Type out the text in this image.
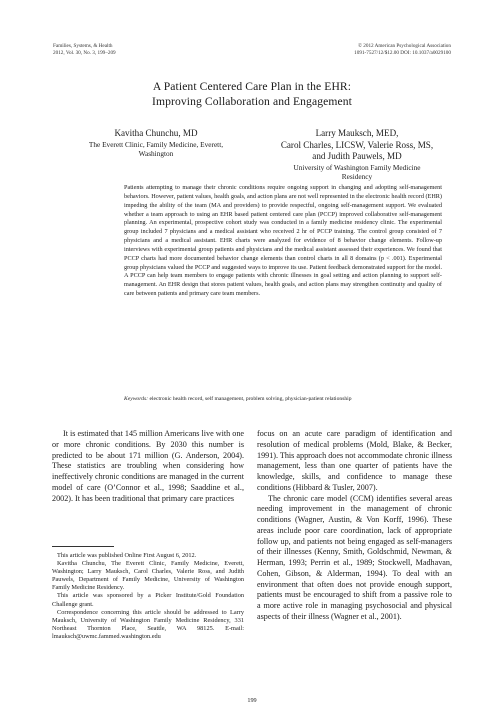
Families, Systems, & Health
2012, Vol. 30, No. 3, 199–209
© 2012 American Psychological Association
1091-7527/12/$12.00 DOI: 10.1037/a0029100
A Patient Centered Care Plan in the EHR:
Improving Collaboration and Engagement
Kavitha Chunchu, MD
The Everett Clinic, Family Medicine, Everett,
Washington
Larry Mauksch, MED,
Carol Charles, LICSW, Valerie Ross, MS,
and Judith Pauwels, MD
University of Washington Family Medicine
Residency

Patients attempting to manage their chronic conditions require ongoing support in changing and adopting self-management behaviors. However, patient values, health goals, and action plans are not well represented in the electronic health record (EHR) impeding the ability of the team (MA and providers) to provide respectful, ongoing self-management support. We evaluated whether a team approach to using an EHR based patient centered care plan (PCCP) improved collaborative self-management planning. An experimental, prospective cohort study was conducted in a family medicine residency clinic. The experimental group included 7 physicians and a medical assistant who received 2 hr of PCCP training. The control group consisted of 7 physicians and a medical assistant. EHR charts were analyzed for evidence of 8 behavior change elements. Follow-up interviews with experimental group patients and physicians and the medical assistant assessed their experiences. We found that PCCP charts had more documented behavior change elements than control charts in all 8 domains (p < .001). Experimental group physicians valued the PCCP and suggested ways to improve its use. Patient feedback demonstrated support for the model. A PCCP can help team members to engage patients with chronic illnesses in goal setting and action planning to support self-management. An EHR design that stores patient values, health goals, and action plans may strengthen continuity and quality of care between patients and primary care team members.

Keywords: electronic health record, self management, problem solving, physician-patient relationship

It is estimated that 145 million Americans live with one or more chronic conditions. By 2030 this number is predicted to be about 171 million (G. Anderson, 2004). These statistics are troubling when considering how ineffectively chronic conditions are managed in the current model of care (O’Connor et al., 1998; Saaddine et al., 2002). It has been traditional that primary care practices

This article was published Online First August 6, 2012.

Kavitha Chunchu, The Everett Clinic, Family Medicine, Everett, Washington; Larry Mauksch, Carol Charles, Valerie Ross, and Judith Pauwels, Department of Family Medicine, University of Washington Family Medicine Residency.

This article was sponsored by a Picker Institute/Gold Foundation Challenge grant.

Correspondence concerning this article should be addressed to Larry Mauksch, University of Washington Family Medicine Residency, 331 Northeast Thornton Place, Seattle, WA 98125. E-mail: lmauksch@uwmc.fammed.washington.edu

focus on an acute care paradigm of identification and resolution of medical problems (Mold, Blake, & Becker, 1991). This approach does not accommodate chronic illness management, less than one quarter of patients have the knowledge, skills, and confidence to manage these conditions (Hibbard & Tusler, 2007).

The chronic care model (CCM) identifies several areas needing improvement in the management of chronic conditions (Wagner, Austin, & Von Korff, 1996). These areas include poor care coordination, lack of appropriate follow up, and patients not being engaged as self-managers of their illnesses (Kenny, Smith, Goldschmid, Newman, & Herman, 1993; Perrin et al., 1989; Stockwell, Madhavan, Cohen, Gibson, & Alderman, 1994). To deal with an environment that often does not provide enough support, patients must be encouraged to shift from a passive role to a more active role in managing psychosocial and physical aspects of their illness (Wagner et al., 2001).

199
